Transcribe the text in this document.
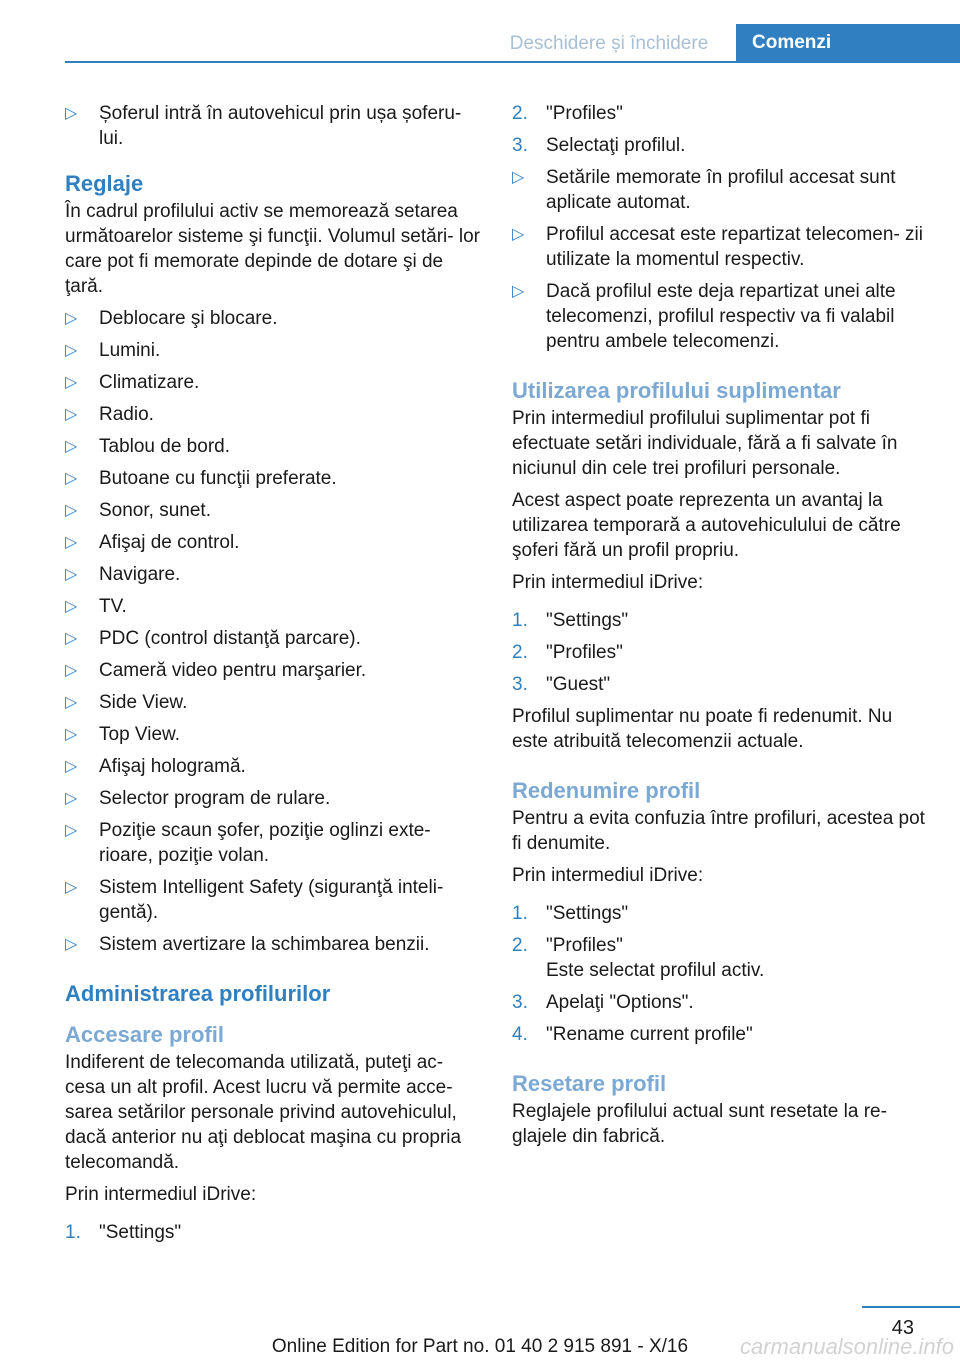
Deschidere și închidere	Comenzi
▷ Șoferul intră în autovehicul prin ușa șoferu‐ lui.
Reglaje

În cadrul profilului activ se memorează setarea următoarelor sisteme şi funcţii. Volumul setări‐ lor care pot fi memorate depinde de dotare şi de ţară.

▷ Deblocare şi blocare.
▷ Lumini.
▷ Climatizare.
▷ Radio.
▷ Tablou de bord.
▷ Butoane cu funcţii preferate.
▷ Sonor, sunet.
▷ Afişaj de control.
▷ Navigare.
▷ TV.
▷ PDC (control distanţă parcare).
▷ Cameră video pentru marşarier.
▷ Side View.
▷ Top View.
▷ Afişaj hologramă.
▷ Selector program de rulare.
▷ Poziţie scaun şofer, poziţie oglinzi exte‐ rioare, poziţie volan.
▷ Sistem Intelligent Safety (siguranţă inteli‐ gentă).
▷ Sistem avertizare la schimbarea benzii.
Administrarea profilurilor
Accesare profil

Indiferent de telecomanda utilizată, puteţi ac‐ cesa un alt profil. Acest lucru vă permite acce‐ sarea setărilor personale privind autovehiculul, dacă anterior nu aţi deblocat maşina cu propria telecomandă.

Prin intermediul iDrive:

1. "Settings"
2. "Profiles"
3. Selectaţi profilul.
▷ Setările memorate în profilul accesat sunt aplicate automat.
▷ Profilul accesat este repartizat telecomen‐ zii utilizate la momentul respectiv.
▷ Dacă profilul este deja repartizat unei alte telecomenzi, profilul respectiv va fi valabil pentru ambele telecomenzi.
Utilizarea profilului suplimentar

Prin intermediul profilului suplimentar pot fi efectuate setări individuale, fără a fi salvate în niciunul din cele trei profiluri personale.

Acest aspect poate reprezenta un avantaj la utilizarea temporară a autovehiculului de către şoferi fără un profil propriu.

Prin intermediul iDrive:

1. "Settings"
2. "Profiles"
3. "Guest"

Profilul suplimentar nu poate fi redenumit. Nu este atribuită telecomenzii actuale.

Redenumire profil

Pentru a evita confuzia între profiluri, acestea pot fi denumite.

Prin intermediul iDrive:

1. "Settings"
2. "Profiles"
Este selectat profilul activ.
3. Apelaţi "Options".
4. "Rename current profile"
Resetare profil

Reglajele profilului actual sunt resetate la re‐ glajele din fabrică.

43
Online Edition for Part no. 01 40 2 915 891 - X/16	carmanualsonline.info
